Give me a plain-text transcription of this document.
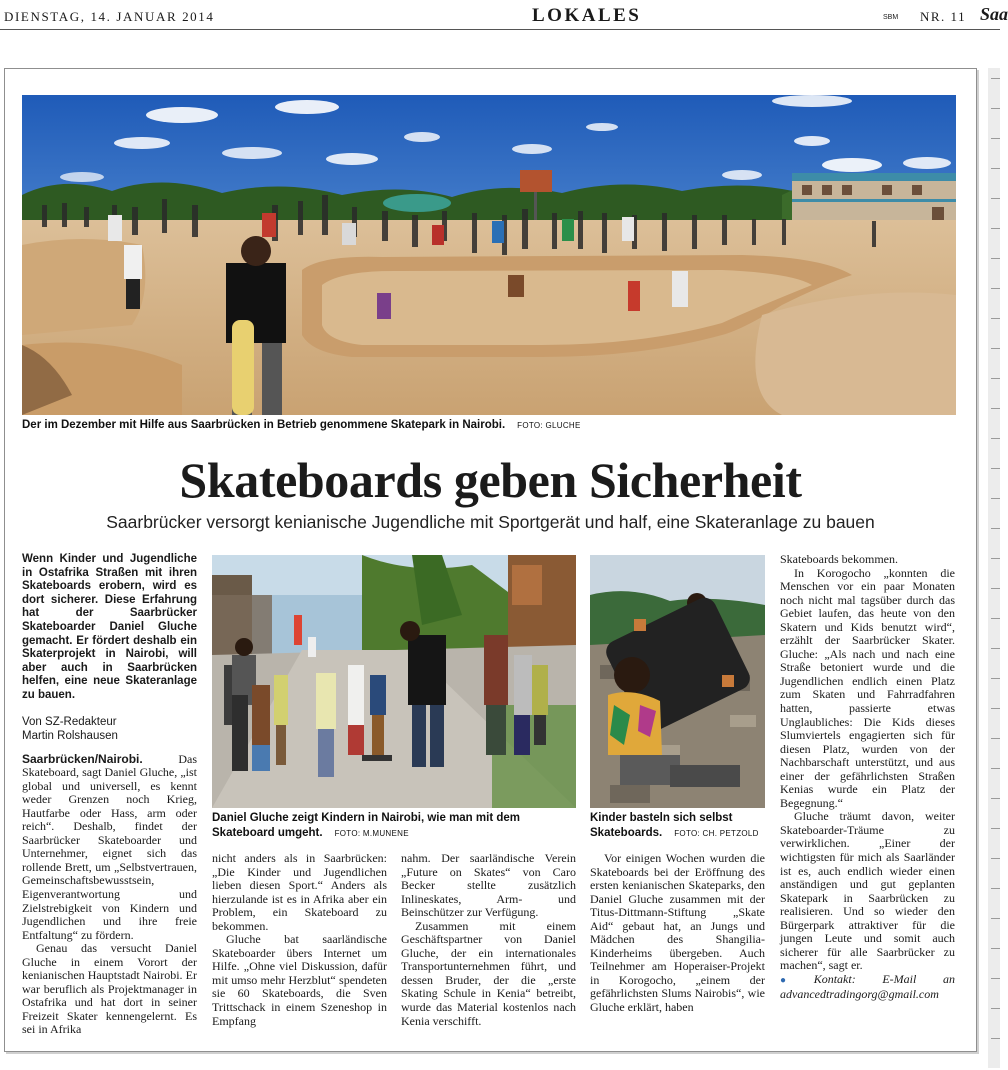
DIENSTAG, 14. JANUAR 2014	LOKALES	SBM NR. 11 Saa
Der im Dezember mit Hilfe aus Saarbrücken in Betrieb genommene Skatepark in Nairobi. FOTO: GLUCHE
Skateboards geben Sicherheit
Saarbrücker versorgt kenianische Jugendliche mit Sportgerät und half, eine Skateranlage zu bauen

Wenn Kinder und Jugendliche in Ostafrika Straßen mit ihren Skateboards erobern, wird es dort sicherer. Diese Erfahrung hat der Saarbrücker Skateboarder Daniel Gluche gemacht. Er fördert deshalb ein Skaterprojekt in Nairobi, will aber auch in Saarbrücken helfen, eine neue Skateranlage zu bauen.

Von SZ-Redakteur
Martin Rolshausen

Saarbrücken/Nairobi.	Das Skateboard, sagt Daniel Gluche, „ist global und universell, es kennt weder Grenzen noch Krieg, Hautfarbe oder Hass, arm oder reich“. Deshalb, findet der Saarbrücker Skateboarder und Unternehmer, eignet sich das rollende Brett, um „Selbstvertrauen, Gemeinschaftsbewusstsein, Eigenverantwortung und Zielstrebigkeit von Kindern und Jugendlichen und ihre freie Entfaltung“ zu fördern.

Genau das versucht Daniel Gluche in einem Vorort der kenianischen Hauptstadt Nairobi. Er war beruflich als Projektmanager in Ostafrika und hat dort in seiner Freizeit Skater kennengelernt. Es sei in Afrika

Daniel Gluche zeigt Kindern in Nairobi, wie man mit dem Skateboard umgeht. FOTO: M.MUNENE
Kinder basteln sich selbst Skateboards. FOTO: CH. PETZOLD

nicht anders als in Saarbrücken: „Die Kinder und Jugendlichen lieben diesen Sport.“ Anders als hierzulande ist es in Afrika aber ein Problem, ein Skateboard zu bekommen.

Gluche bat saarländische Skateboarder übers Internet um Hilfe. „Ohne viel Diskussion, dafür mit umso mehr Herzblut“ spendeten sie 60 Skateboards, die Sven Trittschack in einem Szeneshop in Empfang

nahm. Der saarländische Verein „Future on Skates“ von Caro Becker stellte zusätzlich Inlineskates, Arm- und Beinschützer zur Verfügung.

Zusammen mit einem Geschäftspartner von Daniel Gluche, der ein internationales Transportunternehmen führt, und dessen Bruder, der die „erste Skating Schule in Kenia“ betreibt, wurde das Material kostenlos nach Kenia verschifft.

Vor einigen Wochen wurden die Skateboards bei der Eröffnung des ersten kenianischen Skateparks, den Daniel Gluche zusammen mit der Titus-Dittmann-Stiftung „Skate Aid“ gebaut hat, an Jungs und Mädchen des Shangilia-Kinderheims übergeben. Auch Teilnehmer am Hoperaiser-Projekt in Korogocho, „einem der gefährlichsten Slums Nairobis“, wie Gluche erklärt, haben

Skateboards bekommen.

In Korogocho „konnten die Menschen vor ein paar Monaten noch nicht mal tagsüber durch das Gebiet laufen, das heute von den Skatern und Kids benutzt wird“, erzählt der Saarbrücker Skater. Gluche: „Als nach und nach eine Straße betoniert wurde und die Jugendlichen endlich einen Platz zum Skaten und Fahrradfahren hatten, passierte etwas Unglaubliches: Die Kids dieses Slumviertels engagierten sich für diesen Platz, wurden von der Nachbarschaft unterstützt, und aus einer der gefährlichsten Straßen Kenias wurde ein Platz der Begegnung.“

Gluche träumt davon, weiter Skateboarder-Träume zu verwirklichen. „Einer der wichtigsten für mich als Saarländer ist es, auch endlich wieder einen anständigen und gut geplanten Skatepark in Saarbrücken zu realisieren. Und so wieder den Bürgerpark attraktiver für die jungen Leute und somit auch sicherer für alle Saarbrücker zu machen“, sagt er.

● Kontakt: E-Mail an advancedtradingorg@gmail.com
